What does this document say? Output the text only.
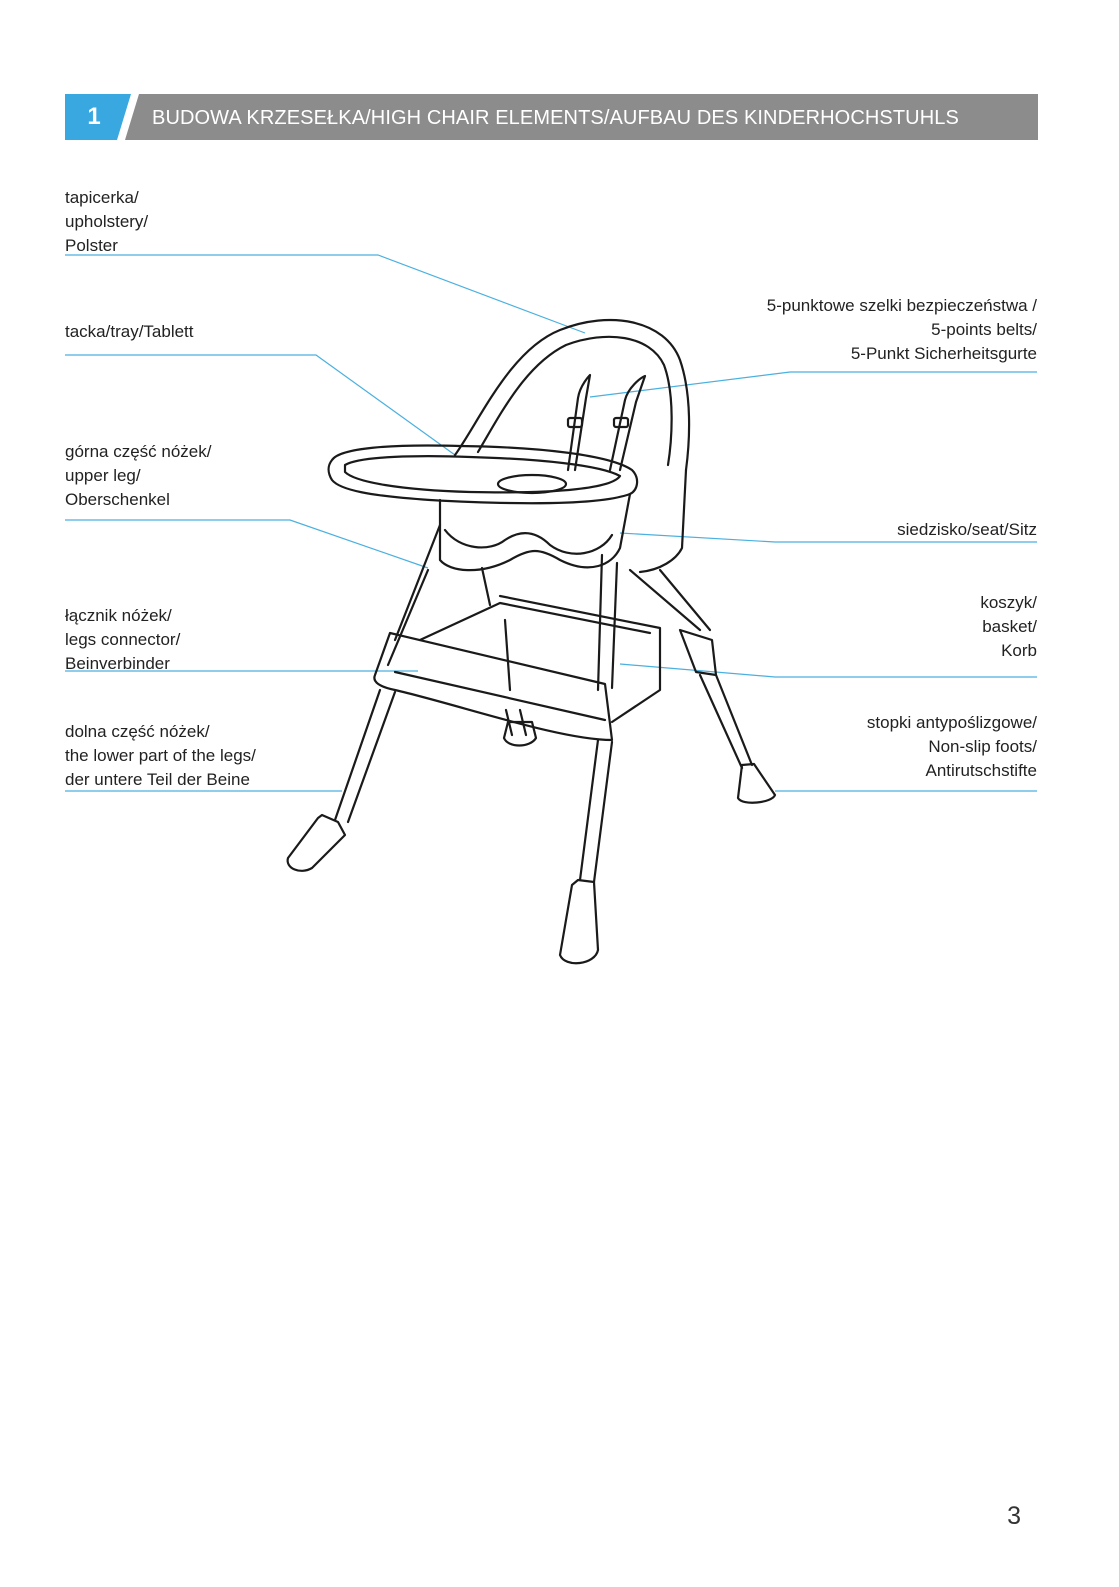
1	BUDOWA KRZESEŁKA/HIGH CHAIR ELEMENTS/AUFBAU DES KINDERHOCHSTUHLS
tapicerka/
upholstery/
Polster
tacka/tray/Tablett
górna część nóżek/
upper leg/
Oberschenkel
łącznik nóżek/
legs connector/
Beinverbinder
dolna część nóżek/
the lower part of the legs/
der untere Teil der Beine
5-punktowe szelki bezpieczeństwa /
5-points belts/
5-Punkt Sicherheitsgurte
siedzisko/seat/Sitz
koszyk/
basket/
Korb
stopki antypoślizgowe/
Non-slip foots/
Antirutschstifte
3
